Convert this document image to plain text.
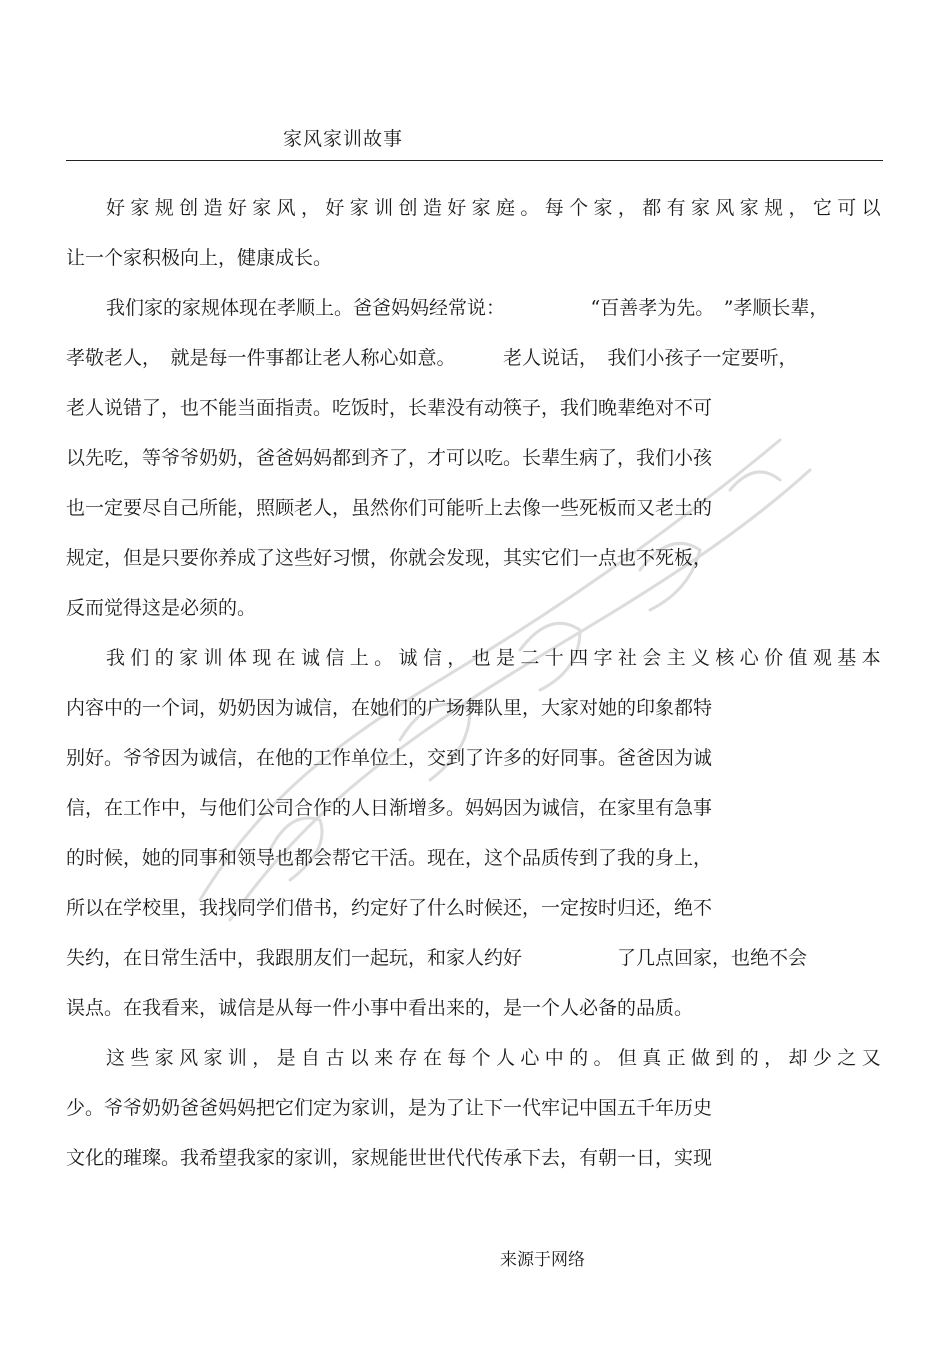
家风家训故事
好 家 规 创 造 好 家 风 ， 好 家 训 创 造 好 家 庭 。 每 个 家 ， 都 有 家 风 家 规 ， 它 可 以
让一个家积极向上，健康成长。
我们家的家规体现在孝顺上。爸爸妈妈经常说：　　　　　“百善孝为先。　”孝顺长辈，
孝敬老人，　就是每一件事都让老人称心如意。　　　老人说话，　我们小孩子一定要听，
老人说错了，也不能当面指责。吃饭时，长辈没有动筷子，我们晚辈绝对不可
以先吃，等爷爷奶奶，爸爸妈妈都到齐了，才可以吃。长辈生病了，我们小孩
也一定要尽自己所能，照顾老人，虽然你们可能听上去像一些死板而又老土的
规定，但是只要你养成了这些好习惯，你就会发现，其实它们一点也不死板，
反而觉得这是必须的。
我 们 的 家 训 体 现 在 诚 信 上 。 诚 信 ， 也 是 二 十 四 字 社 会 主 义 核 心 价 值 观 基 本
内容中的一个词，奶奶因为诚信，在她们的广场舞队里，大家对她的印象都特
别好。爷爷因为诚信，在他的工作单位上，交到了许多的好同事。爸爸因为诚
信，在工作中，与他们公司合作的人日渐增多。妈妈因为诚信，在家里有急事
的时候，她的同事和领导也都会帮它干活。现在，这个品质传到了我的身上，
所以在学校里，我找同学们借书，约定好了什么时候还，一定按时归还，绝不
失约，在日常生活中，我跟朋友们一起玩，和家人约好　　　　　了几点回家，也绝不会
误点。在我看来，诚信是从每一件小事中看出来的，是一个人必备的品质。
这 些 家 风 家 训 ， 是 自 古 以 来 存 在 每 个 人 心 中 的 。 但 真 正 做 到 的 ， 却 少 之 又
少。爷爷奶奶爸爸妈妈把它们定为家训，是为了让下一代牢记中国五千年历史
文化的璀璨。我希望我家的家训，家规能世世代代传承下去，有朝一日，实现
来源于网络
